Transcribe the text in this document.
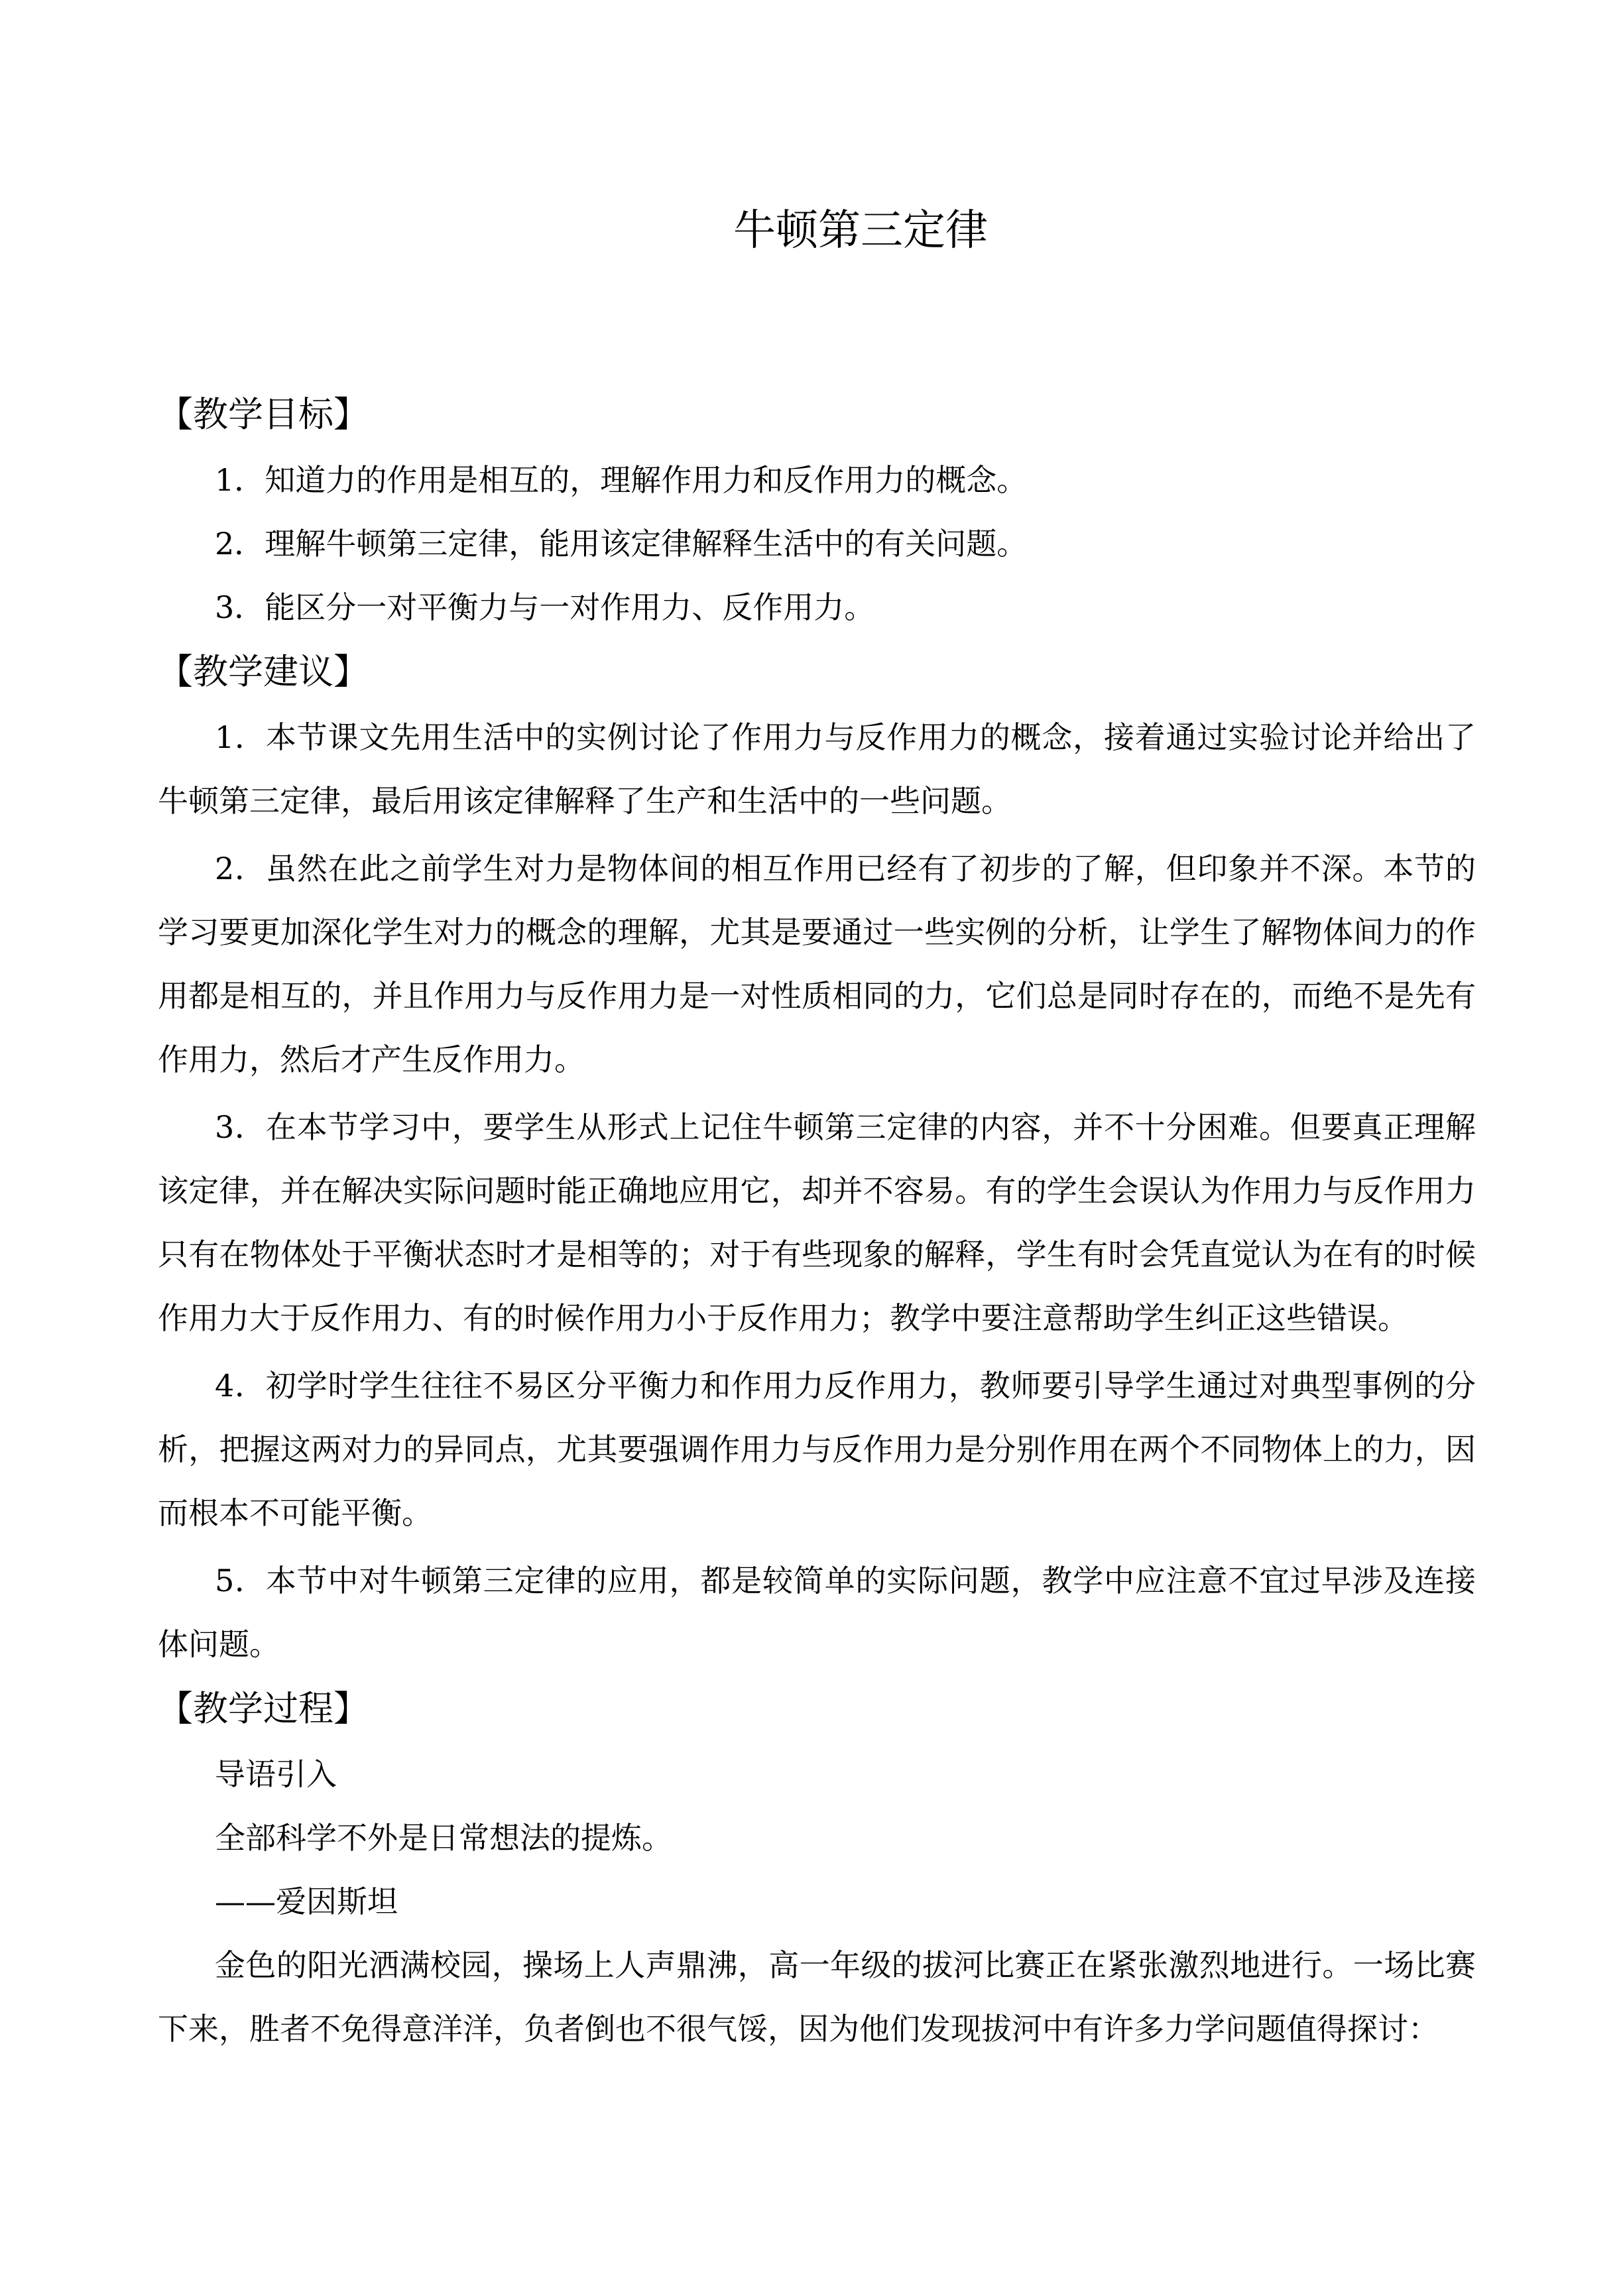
牛顿第三定律
【教学目标】

1．知道力的作用是相互的，理解作用力和反作用力的概念。

2．理解牛顿第三定律，能用该定律解释生活中的有关问题。

3．能区分一对平衡力与一对作用力、反作用力。

【教学建议】

1．本节课文先用生活中的实例讨论了作用力与反作用力的概念，接着通过实验讨论并给出了牛顿第三定律，最后用该定律解释了生产和生活中的一些问题。

2．虽然在此之前学生对力是物体间的相互作用已经有了初步的了解，但印象并不深。本节的学习要更加深化学生对力的概念的理解，尤其是要通过一些实例的分析，让学生了解物体间力的作用都是相互的，并且作用力与反作用力是一对性质相同的力，它们总是同时存在的，而绝不是先有作用力，然后才产生反作用力。

3．在本节学习中，要学生从形式上记住牛顿第三定律的内容，并不十分困难。但要真正理解该定律，并在解决实际问题时能正确地应用它，却并不容易。有的学生会误认为作用力与反作用力只有在物体处于平衡状态时才是相等的；对于有些现象的解释，学生有时会凭直觉认为在有的时候作用力大于反作用力、有的时候作用力小于反作用力；教学中要注意帮助学生纠正这些错误。

4．初学时学生往往不易区分平衡力和作用力反作用力，教师要引导学生通过对典型事例的分析，把握这两对力的异同点，尤其要强调作用力与反作用力是分别作用在两个不同物体上的力，因而根本不可能平衡。

5．本节中对牛顿第三定律的应用，都是较简单的实际问题，教学中应注意不宜过早涉及连接体问题。

【教学过程】

导语引入

全部科学不外是日常想法的提炼。

——爱因斯坦

金色的阳光洒满校园，操场上人声鼎沸，高一年级的拔河比赛正在紧张激烈地进行。一场比赛下来，胜者不免得意洋洋，负者倒也不很气馁，因为他们发现拔河中有许多力学问题值得探讨：
